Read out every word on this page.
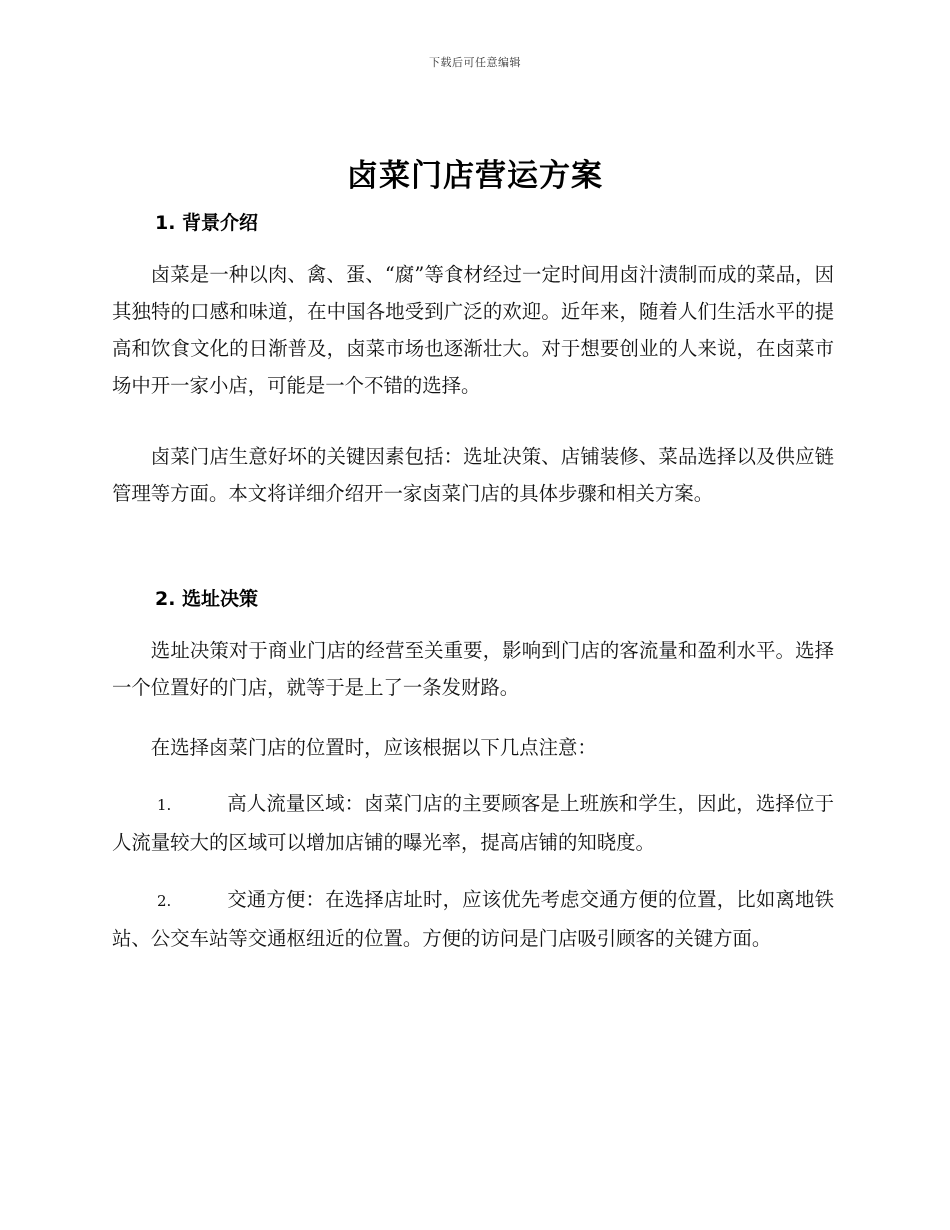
下载后可任意编辑
卤菜门店营运方案
1. 背景介绍

卤菜是一种以肉、禽、蛋、“腐”等食材经过一定时间用卤汁渍制而成的菜品，因其独特的口感和味道，在中国各地受到广泛的欢迎。近年来，随着人们生活水平的提高和饮食文化的日渐普及，卤菜市场也逐渐壮大。对于想要创业的人来说，在卤菜市场中开一家小店，可能是一个不错的选择。

卤菜门店生意好坏的关键因素包括：选址决策、店铺装修、菜品选择以及供应链管理等方面。本文将详细介绍开一家卤菜门店的具体步骤和相关方案。

2. 选址决策

选址决策对于商业门店的经营至关重要，影响到门店的客流量和盈利水平。选择一个位置好的门店，就等于是上了一条发财路。

在选择卤菜门店的位置时，应该根据以下几点注意：

1.	高人流量区域：卤菜门店的主要顾客是上班族和学生，因此，选择位于人流量较大的区域可以增加店铺的曝光率，提高店铺的知晓度。

2.	交通方便：在选择店址时，应该优先考虑交通方便的位置，比如离地铁站、公交车站等交通枢纽近的位置。方便的访问是门店吸引顾客的关键方面。
